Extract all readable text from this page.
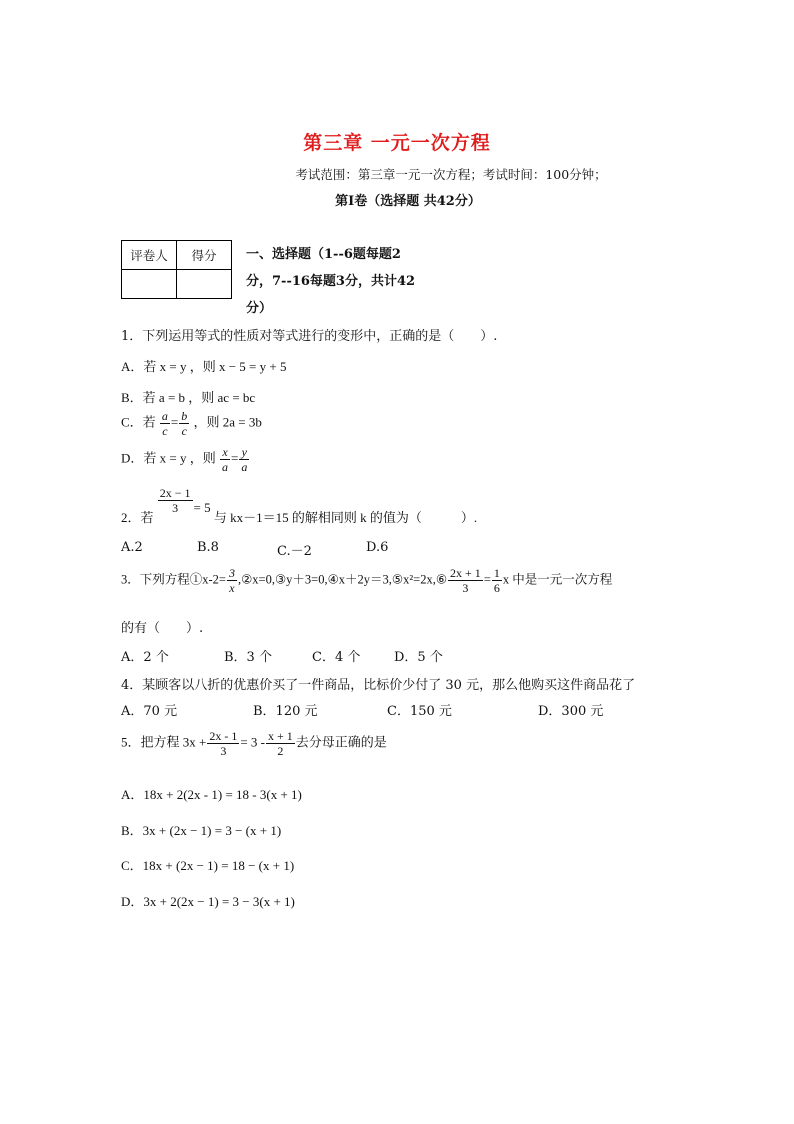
第三章 一元一次方程
考试范围：第三章一元一次方程；考试时间：100分钟；
第I卷（选择题 共42分）
评卷人	得分
	一、选择题（1--6题每题2
分，7--16每题3分，共计42
分）
1．下列运用等式的性质对等式进行的变形中，正确的是（　　）.
A．若 x = y ，则 x − 5 = y + 5
B．若 a = b ，则 ac = bc
C．若 $\frac{a}{c} = \frac{b}{c}$ ，则 2a = 3b
D．若 x = y ，则 $\frac{x}{a} = \frac{y}{a}$
2．若
$\frac{2x - 1}{3} = 5$ 与 kx－1＝15 的解相同则 k 的值为（　　　）.
A.2	B.8	C.－2	D.6
3．下列方程①x-2= $\frac{3}{x}$ ,②x=0,③y＋3=0,④x＋2y＝3,⑤x²=2x,⑥ $\frac{2x + 1}{3} = \frac{1}{6}$ x 中是一元一次方程
的有（　　）.
A．2 个	B．3 个	C．4 个	D．5 个
4．某顾客以八折的优惠价买了一件商品，比标价少付了 30 元，那么他购买这件商品花了
A．70 元	B．120 元	C．150 元	D．300 元
5．把方程 $3x + \frac{2x - 1}{3} = 3 - \frac{x + 1}{2}$ 去分母正确的是
A．18x + 2(2x - 1) = 18 - 3(x + 1)
B．3x + (2x − 1) = 3 − (x + 1)
C．18x + (2x − 1) = 18 − (x + 1)
D．3x + 2(2x − 1) = 3 − 3(x + 1)
